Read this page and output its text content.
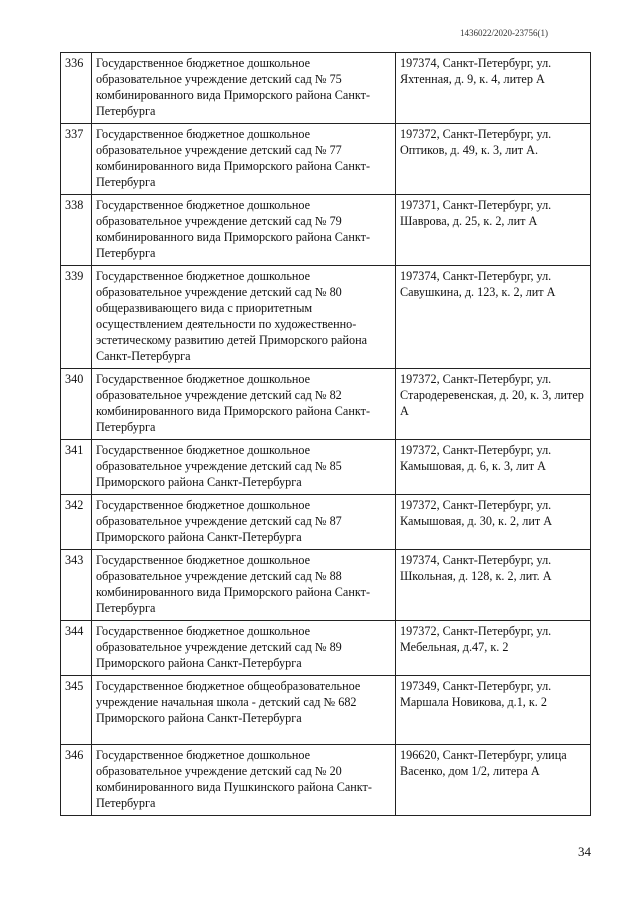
1436022/2020-23756(1)
336	Государственное бюджетное дошкольное образовательное учреждение детский сад № 75 комбинированного вида Приморского района Санкт-Петербурга	197374, Санкт-Петербург, ул. Яхтенная, д. 9, к. 4, литер А
337	Государственное бюджетное дошкольное образовательное учреждение детский сад № 77 комбинированного вида Приморского района Санкт-Петербурга	197372, Санкт-Петербург, ул. Оптиков, д. 49, к. 3, лит А.
338	Государственное бюджетное дошкольное образовательное учреждение детский сад № 79 комбинированного вида Приморского района Санкт-Петербурга	197371, Санкт-Петербург, ул. Шаврова, д. 25, к. 2, лит А
339	Государственное бюджетное дошкольное образовательное учреждение детский сад № 80 общеразвивающего вида с приоритетным осуществлением деятельности по художественно-эстетическому развитию детей Приморского района Санкт-Петербурга	197374, Санкт-Петербург, ул. Савушкина, д. 123, к. 2, лит А
340	Государственное бюджетное дошкольное образовательное учреждение детский сад № 82 комбинированного вида Приморского района Санкт-Петербурга	197372, Санкт-Петербург, ул. Стародеревенская, д. 20, к. 3, литер А
341	Государственное бюджетное дошкольное образовательное учреждение детский сад № 85 Приморского района Санкт-Петербурга	197372, Санкт-Петербург, ул. Камышовая, д. 6, к. 3, лит А
342	Государственное бюджетное дошкольное образовательное учреждение детский сад № 87 Приморского района Санкт-Петербурга	197372, Санкт-Петербург, ул. Камышовая, д. 30, к. 2, лит А
343	Государственное бюджетное дошкольное образовательное учреждение детский сад № 88 комбинированного вида Приморского района Санкт-Петербурга	197374, Санкт-Петербург, ул. Школьная, д. 128, к. 2, лит. А
344	Государственное бюджетное дошкольное образовательное учреждение детский сад № 89 Приморского района Санкт-Петербурга	197372, Санкт-Петербург, ул. Мебельная, д.47, к. 2
345	Государственное бюджетное общеобразовательное учреждение начальная школа - детский сад № 682 Приморского района Санкт-Петербурга	197349, Санкт-Петербург, ул. Маршала Новикова, д.1, к. 2
346	Государственное бюджетное дошкольное образовательное учреждение детский сад № 20 комбинированного вида Пушкинского района Санкт-Петербурга	196620, Санкт-Петербург, улица Васенко, дом 1/2, литера А
34
